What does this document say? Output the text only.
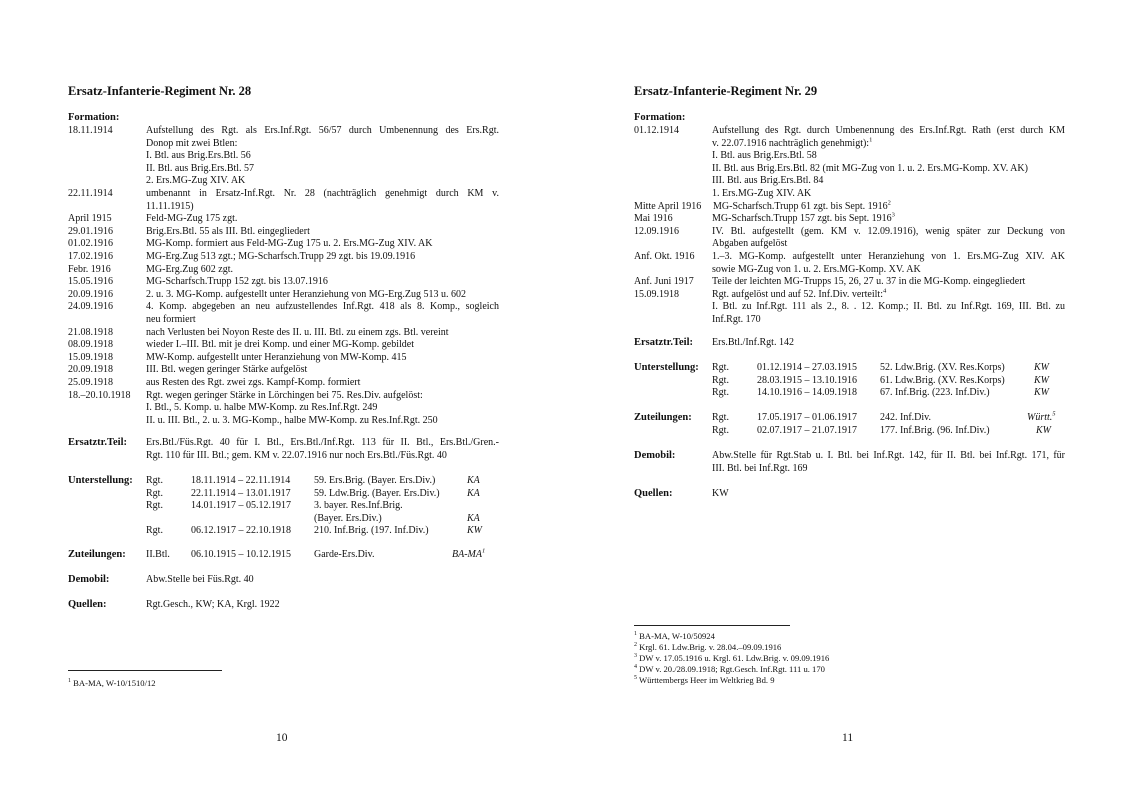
Ersatz-Infanterie-Regiment Nr. 28
Formation:
18.11.1914	Aufstellung des Rgt. als Ers.Inf.Rgt. 56/57 durch Umbenennung des Ers.Rgt.
Donop mit zwei Btlen:
I. Btl. aus Brig.Ers.Btl. 56
II. Btl. aus Brig.Ers.Btl. 57
2. Ers.MG-Zug XIV. AK
22.11.1914	umbenannt in Ersatz-Inf.Rgt. Nr. 28 (nachträglich genehmigt durch KM v.
11.11.1915)
April 1915	Feld-MG-Zug 175 zgt.
29.01.1916	Brig.Ers.Btl. 55 als III. Btl. eingegliedert
01.02.1916	MG-Komp. formiert aus Feld-MG-Zug 175 u. 2. Ers.MG-Zug XIV. AK
17.02.1916	MG-Erg.Zug 513 zgt.; MG-Scharfsch.Trupp 29 zgt. bis 19.09.1916
Febr. 1916	MG-Erg.Zug 602 zgt.
15.05.1916	MG-Scharfsch.Trupp 152 zgt. bis 13.07.1916
20.09.1916	2. u. 3. MG-Komp. aufgestellt unter Heranziehung von MG-Erg.Zug 513 u. 602
24.09.1916	4. Komp. abgegeben an neu aufzustellendes Inf.Rgt. 418 als 8. Komp., sogleich
neu formiert
21.08.1918	nach Verlusten bei Noyon Reste des II. u. III. Btl. zu einem zgs. Btl. vereint
08.09.1918	wieder I.–III. Btl. mit je drei Komp. und einer MG-Komp. gebildet
15.09.1918	MW-Komp. aufgestellt unter Heranziehung von MW-Komp. 415
20.09.1918	III. Btl. wegen geringer Stärke aufgelöst
25.09.1918	aus Resten des Rgt. zwei zgs. Kampf-Komp. formiert
18.–20.10.1918 Rgt. wegen geringer Stärke in Lörchingen bei 75. Res.Div. aufgelöst:
I. Btl., 5. Komp. u. halbe MW-Komp. zu Res.Inf.Rgt. 249
II. u. III. Btl., 2. u. 3. MG-Komp., halbe MW-Komp. zu Res.Inf.Rgt. 250
Ersatztr.Teil: Ers.Btl./Füs.Rgt. 40 für I. Btl., Ers.Btl./Inf.Rgt. 113 für II. Btl., Ers.Btl./Gren.-
Rgt. 110 für III. Btl.; gem. KM v. 22.07.1916 nur noch Ers.Btl./Füs.Rgt. 40
Unterstellung: Rgt.	18.11.1914 – 22.11.1914 59. Ers.Brig. (Bayer. Ers.Div.)	KA
Rgt.	22.11.1914 – 13.01.1917 59. Ldw.Brig. (Bayer. Ers.Div.)	KA
Rgt.	14.01.1917 – 05.12.1917 3. bayer. Res.Inf.Brig.
(Bayer. Ers.Div.)	KA
Rgt.	06.12.1917 – 22.10.1918 210. Inf.Brig. (197. Inf.Div.)	KW
Zuteilungen: II.Btl. 06.10.1915 – 10.12.1915 Garde-Ers.Div.	$BA-MA^1$
Demobil:	Abw.Stelle bei Füs.Rgt. 40
Quellen:	Rgt.Gesch., KW; KA, Krgl. 1922
$^1$ BA-MA, W-10/1510/12
10
Ersatz-Infanterie-Regiment Nr. 29
Formation:
01.12.1914	Aufstellung des Rgt. durch Umbenennung des Ers.Inf.Rgt. Rath (erst durch KM
v. 22.07.1916 nachträglich genehmigt):$^1$
I. Btl. aus Brig.Ers.Btl. 58
II. Btl. aus Brig.Ers.Btl. 82 (mit MG-Zug von 1. u. 2. Ers.MG-Komp. XV. AK)
III. Btl. aus Brig.Ers.Btl. 84
1. Ers.MG-Zug XIV. AK
Mitte April 1916 MG-Scharfsch.Trupp 61 zgt. bis Sept. 1916$^2$
Mai 1916	MG-Scharfsch.Trupp 157 zgt. bis Sept. 1916$^3$
12.09.1916	IV. Btl. aufgestellt (gem. KM v. 12.09.1916), wenig später zur Deckung von
Abgaben aufgelöst
Anf. Okt. 1916 1.–3. MG-Komp. aufgestellt unter Heranziehung von 1. Ers.MG-Zug XIV. AK
sowie MG-Zug von 1. u. 2. Ers.MG-Komp. XV. AK
Anf. Juni 1917 Teile der leichten MG-Trupps 15, 26, 27 u. 37 in die MG-Komp. eingegliedert
15.09.1918	Rgt. aufgelöst und auf 52. Inf.Div. verteilt:$^4$
I. Btl. zu Inf.Rgt. 111 als 2., 8. . 12. Komp.; II. Btl. zu Inf.Rgt. 169, III. Btl. zu
Inf.Rgt. 170
Ersatztr.Teil: Ers.Btl./Inf.Rgt. 142
Unterstellung: Rgt.	01.12.1914 – 27.03.1915 52. Ldw.Brig. (XV. Res.Korps)	KW
Rgt.	28.03.1915 – 13.10.1916 61. Ldw.Brig. (XV. Res.Korps)	KW
Rgt.	14.10.1916 – 14.09.1918 67. Inf.Brig. (223. Inf.Div.)	KW
Zuteilungen: Rgt.	17.05.1917 – 01.06.1917 242. Inf.Div.	Württ.$^5$
Rgt.	02.07.1917 – 21.07.1917 177. Inf.Brig. (96. Inf.Div.)	KW
Demobil:	Abw.Stelle für Rgt.Stab u. I. Btl. bei Inf.Rgt. 142, für II. Btl. bei Inf.Rgt. 171, für
III. Btl. bei Inf.Rgt. 169
Quellen:	KW
$^1$ BA-MA, W-10/50924
$^2$ Krgl. 61. Ldw.Brig. v. 28.04.–09.09.1916
$^3$ DW v. 17.05.1916 u. Krgl. 61. Ldw.Brig. v. 09.09.1916
$^4$ DW v. 20./28.09.1918; Rgt.Gesch. Inf.Rgt. 111 u. 170
$^5$ Württembergs Heer im Weltkrieg Bd. 9
11
